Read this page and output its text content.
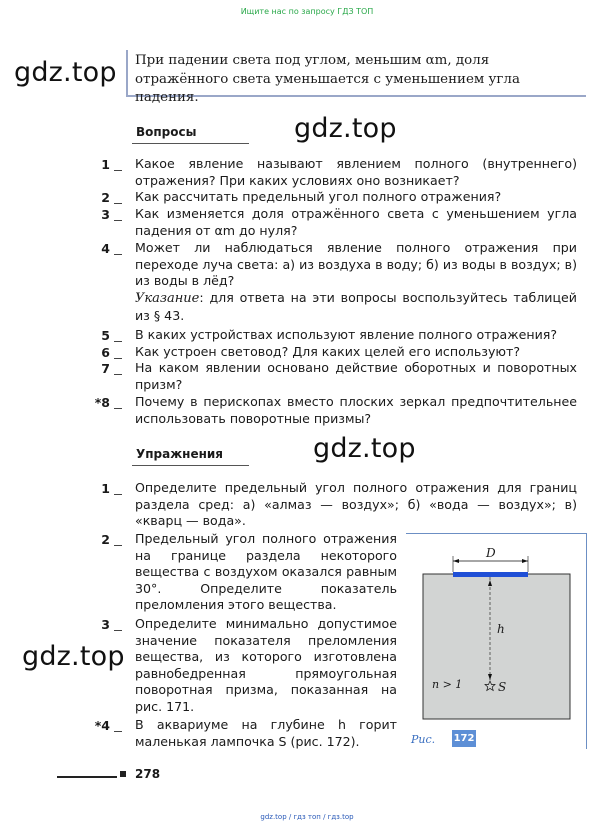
Ищите нас по запросу ГДЗ ТОП
При падении света под углом, меньшим αm, доля отражённого света уменьшается с уменьшением угла падения.
gdz.top
gdz.top
gdz.top
gdz.top
Вопросы
1 Какое явление называют явлением полного (внутреннего) отражения? При каких условиях оно возникает?
2 Как рассчитать предельный угол полного отражения?
3 Как изменяется доля отражённого света с уменьшением угла падения от αm до нуля?
4 Может ли наблюдаться явление полного отражения при переходе луча света: а) из воздуха в воду; б) из воды в воздух; в) из воды в лёд?
Указание: для ответа на эти вопросы воспользуйтесь таблицей из § 43.
5 В каких устройствах используют явление полного отражения?
6 Как устроен световод? Для каких целей его используют?
7 На каком явлении основано действие оборотных и поворотных призм?
*8 Почему в перископах вместо плоских зеркал предпочтительнее использовать поворотные призмы?
Упражнения
1 Определите предельный угол полного отражения для границ раздела сред: а) «алмаз — воздух»; б) «вода — воздух»; в) «кварц — вода».
2 Предельный угол полного отражения на границе раздела некоторого вещества с воздухом оказался равным 30°. Определите показатель преломления этого вещества.
3 Определите минимально допустимое значение показателя преломления вещества, из которого изготовлена равнобедренная прямоугольная поворотная призма, показанная на рис. 171.
*4 В аквариуме на глубине h горит маленькая лампочка S (рис. 172).
D
h
n > 1	S
Рис. 172
278
gdz.top / гдз топ / гдз.top
